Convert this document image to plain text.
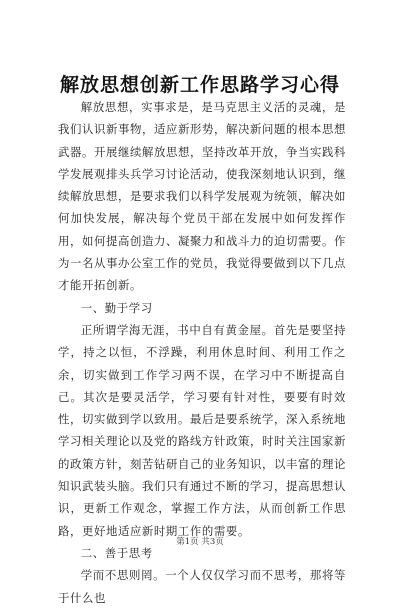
解放思想创新工作思路学习心得

解放思想，实事求是，是马克思主义活的灵魂，是我们认识新事物，适应新形势，解决新问题的根本思想武器。开展继续解放思想，坚持改革开放，争当实践科学发展观排头兵学习讨论活动，使我深刻地认识到，继续解放思想，是要求我们以科学发展观为统领，解决如何加快发展，解决每个党员干部在发展中如何发挥作用，如何提高创造力、凝聚力和战斗力的迫切需要。作为一名从事办公室工作的党员，我觉得要做到以下几点才能开拓创新。

一、勤于学习

正所谓学海无涯，书中自有黄金屋。首先是要坚持学，持之以恒，不浮躁，利用休息时间、利用工作之余，切实做到工作学习两不误，在学习中不断提高自己。其次是要灵活学，学习要有针对性，要要有时效性，切实做到学以致用。最后是要系统学，深入系统地学习相关理论以及党的路线方针政策，时时关注国家新的政策方针，刻苦钻研自己的业务知识，以丰富的理论知识武装头脑。我们只有通过不断的学习，提高思想认识，更新工作观念，掌握工作方法，从而创新工作思路，更好地适应新时期工作的需要。

二、善于思考

学而不思则罔。一个人仅仅学习而不思考，那将等于什么也

第1页 共3页
